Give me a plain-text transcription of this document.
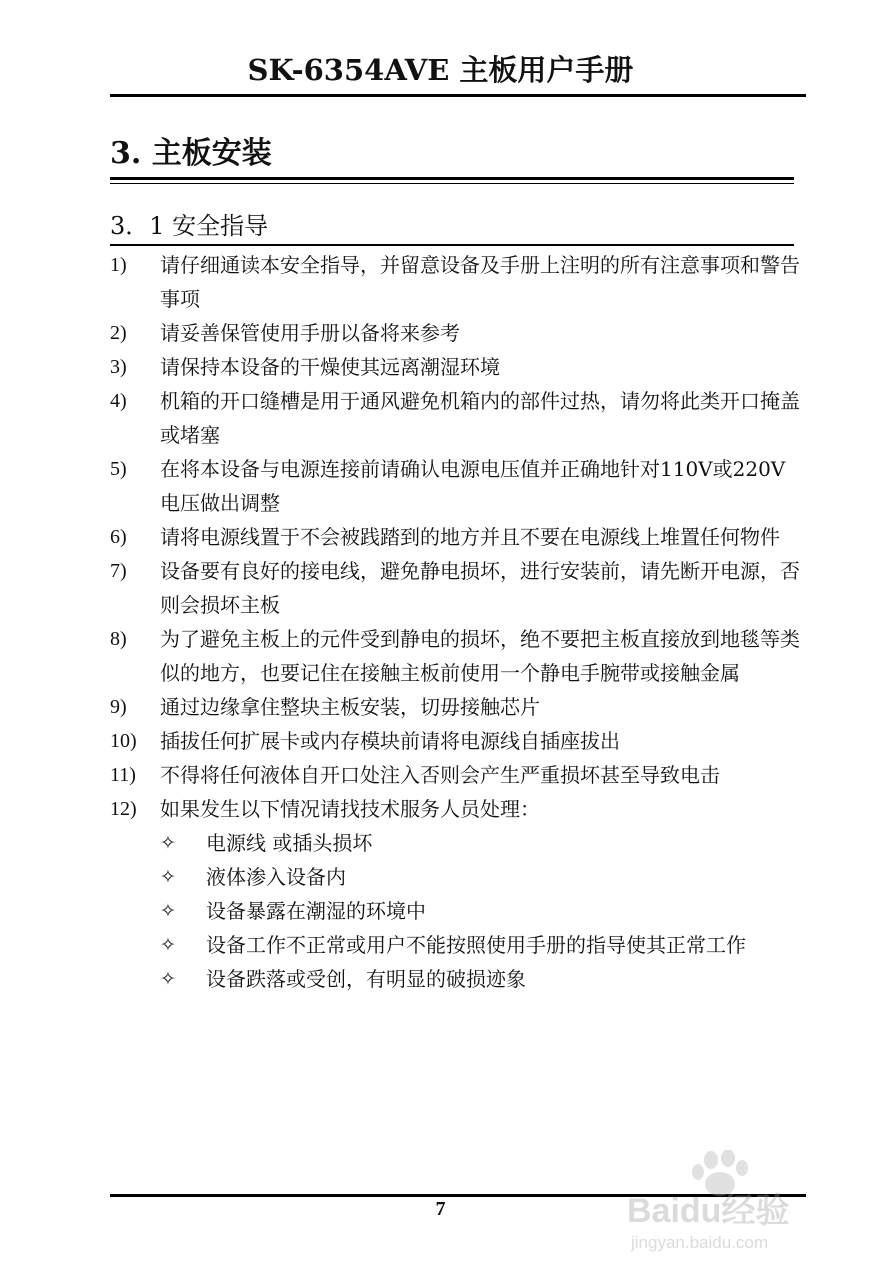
SK-6354AVE 主板用户手册
3. 主板安装
3．1 安全指导
1)	请仔细通读本安全指导，并留意设备及手册上注明的所有注意事项和警告事项
2)	请妥善保管使用手册以备将来参考
3)	请保持本设备的干燥使其远离潮湿环境
4)	机箱的开口缝槽是用于通风避免机箱内的部件过热，请勿将此类开口掩盖或堵塞
5)	在将本设备与电源连接前请确认电源电压值并正确地针对110V或220V 电压做出调整
6)	请将电源线置于不会被践踏到的地方并且不要在电源线上堆置任何物件
7)	设备要有良好的接电线，避免静电损坏，进行安装前，请先断开电源，否则会损坏主板
8)	为了避免主板上的元件受到静电的损坏，绝不要把主板直接放到地毯等类似的地方，也要记住在接触主板前使用一个静电手腕带或接触金属
9)	通过边缘拿住整块主板安装，切毋接触芯片
10)	插拔任何扩展卡或内存模块前请将电源线自插座拔出
11)	不得将任何液体自开口处注入否则会产生严重损坏甚至导致电击
12)	如果发生以下情况请找技术服务人员处理：
✧	电源线 或插头损坏
✧	液体渗入设备内
✧	设备暴露在潮湿的环境中
✧	设备工作不正常或用户不能按照使用手册的指导使其正常工作
✧	设备跌落或受创，有明显的破损迹象
7	Baidu经验
jingyan.baidu.com
